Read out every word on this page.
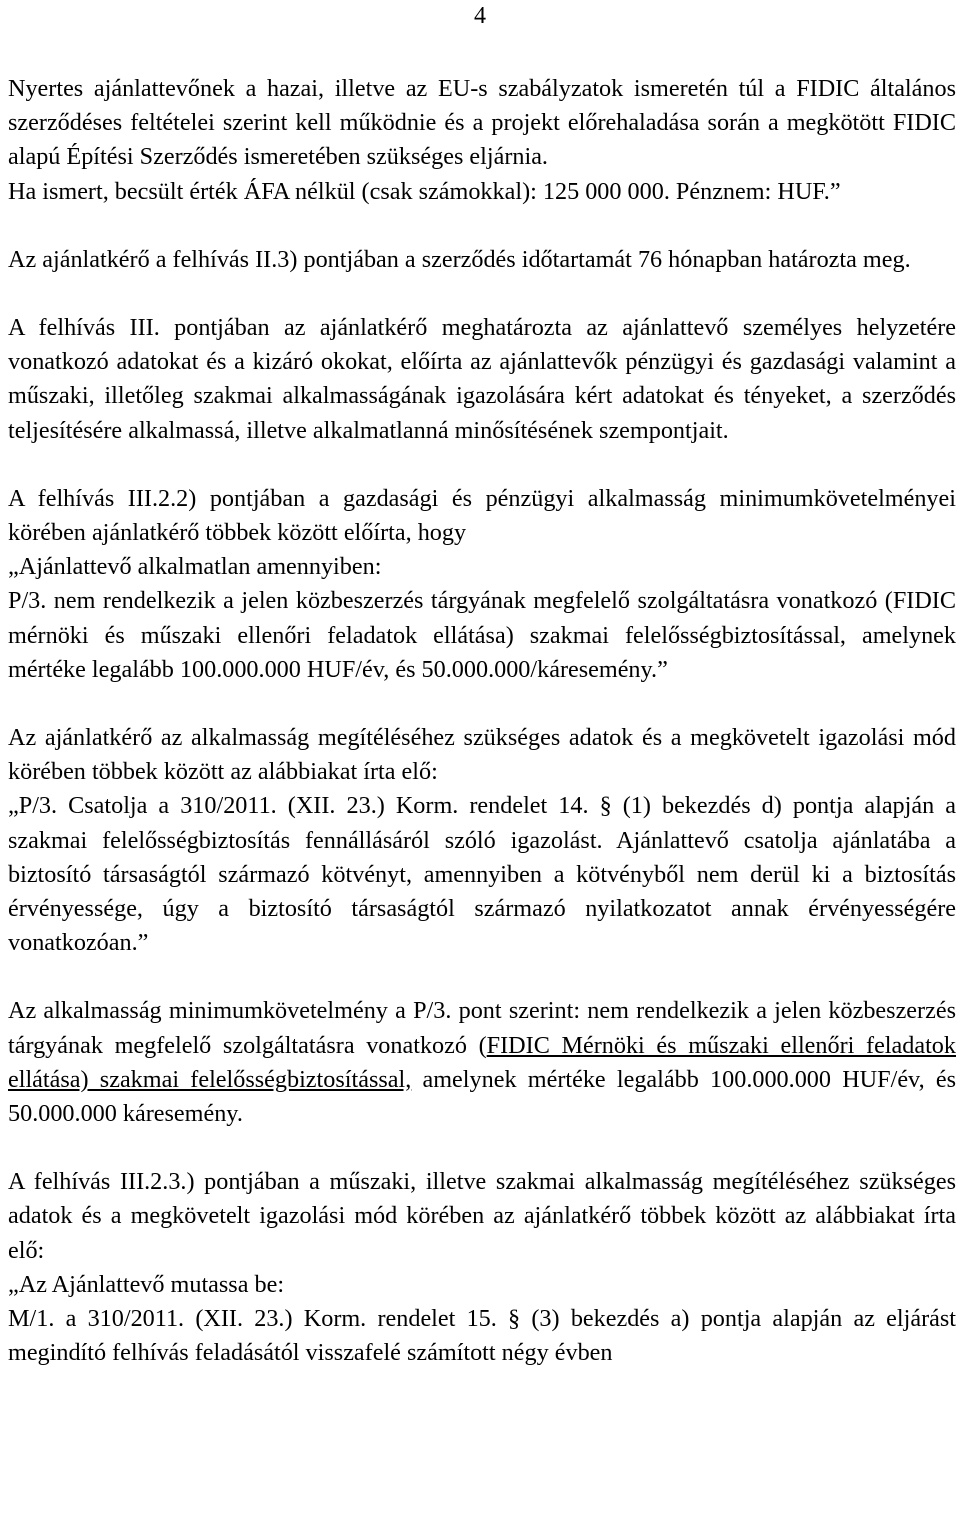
4

Nyertes ajánlattevőnek a hazai, illetve az EU-s szabályzatok ismeretén túl a FIDIC általános szerződéses feltételei szerint kell működnie és a projekt előrehaladása során a megkötött FIDIC alapú Építési Szerződés ismeretében szükséges eljárnia.

Ha ismert, becsült érték ÁFA nélkül (csak számokkal): 125 000 000. Pénznem: HUF.”

Az ajánlatkérő a felhívás II.3) pontjában a szerződés időtartamát 76 hónapban határozta meg.

A felhívás III. pontjában az ajánlatkérő meghatározta az ajánlattevő személyes helyzetére vonatkozó adatokat és a kizáró okokat, előírta az ajánlattevők pénzügyi és gazdasági valamint a műszaki, illetőleg szakmai alkalmasságának igazolására kért adatokat és tényeket, a szerződés teljesítésére alkalmassá, illetve alkalmatlanná minősítésének szempontjait.

A felhívás III.2.2) pontjában a gazdasági és pénzügyi alkalmasság minimumkövetelményei körében ajánlatkérő többek között előírta, hogy

„Ajánlattevő alkalmatlan amennyiben:

P/3. nem rendelkezik a jelen közbeszerzés tárgyának megfelelő szolgáltatásra vonatkozó (FIDIC mérnöki és műszaki ellenőri feladatok ellátása) szakmai felelősségbiztosítással, amelynek mértéke legalább 100.000.000 HUF/év, és 50.000.000/káresemény.”

Az ajánlatkérő az alkalmasság megítéléséhez szükséges adatok és a megkövetelt igazolási mód körében többek között az alábbiakat írta elő:

„P/3. Csatolja a 310/2011. (XII. 23.) Korm. rendelet 14. § (1) bekezdés d) pontja alapján a szakmai felelősségbiztosítás fennállásáról szóló igazolást. Ajánlattevő csatolja ajánlatába a biztosító társaságtól származó kötvényt, amennyiben a kötvényből nem derül ki a biztosítás érvényessége, úgy a biztosító társaságtól származó nyilatkozatot annak érvényességére vonatkozóan.”

Az alkalmasság minimumkövetelmény a P/3. pont szerint: nem rendelkezik a jelen közbeszerzés tárgyának megfelelő szolgáltatásra vonatkozó (FIDIC Mérnöki és műszaki ellenőri feladatok ellátása) szakmai felelősségbiztosítással, amelynek mértéke legalább 100.000.000 HUF/év, és 50.000.000 káresemény.

A felhívás III.2.3.) pontjában a műszaki, illetve szakmai alkalmasság megítéléséhez szükséges adatok és a megkövetelt igazolási mód körében az ajánlatkérő többek között az alábbiakat írta elő:

„Az Ajánlattevő mutassa be:

M/1. a 310/2011. (XII. 23.) Korm. rendelet 15. § (3) bekezdés a) pontja alapján az eljárást megindító felhívás feladásától visszafelé számított négy évben
